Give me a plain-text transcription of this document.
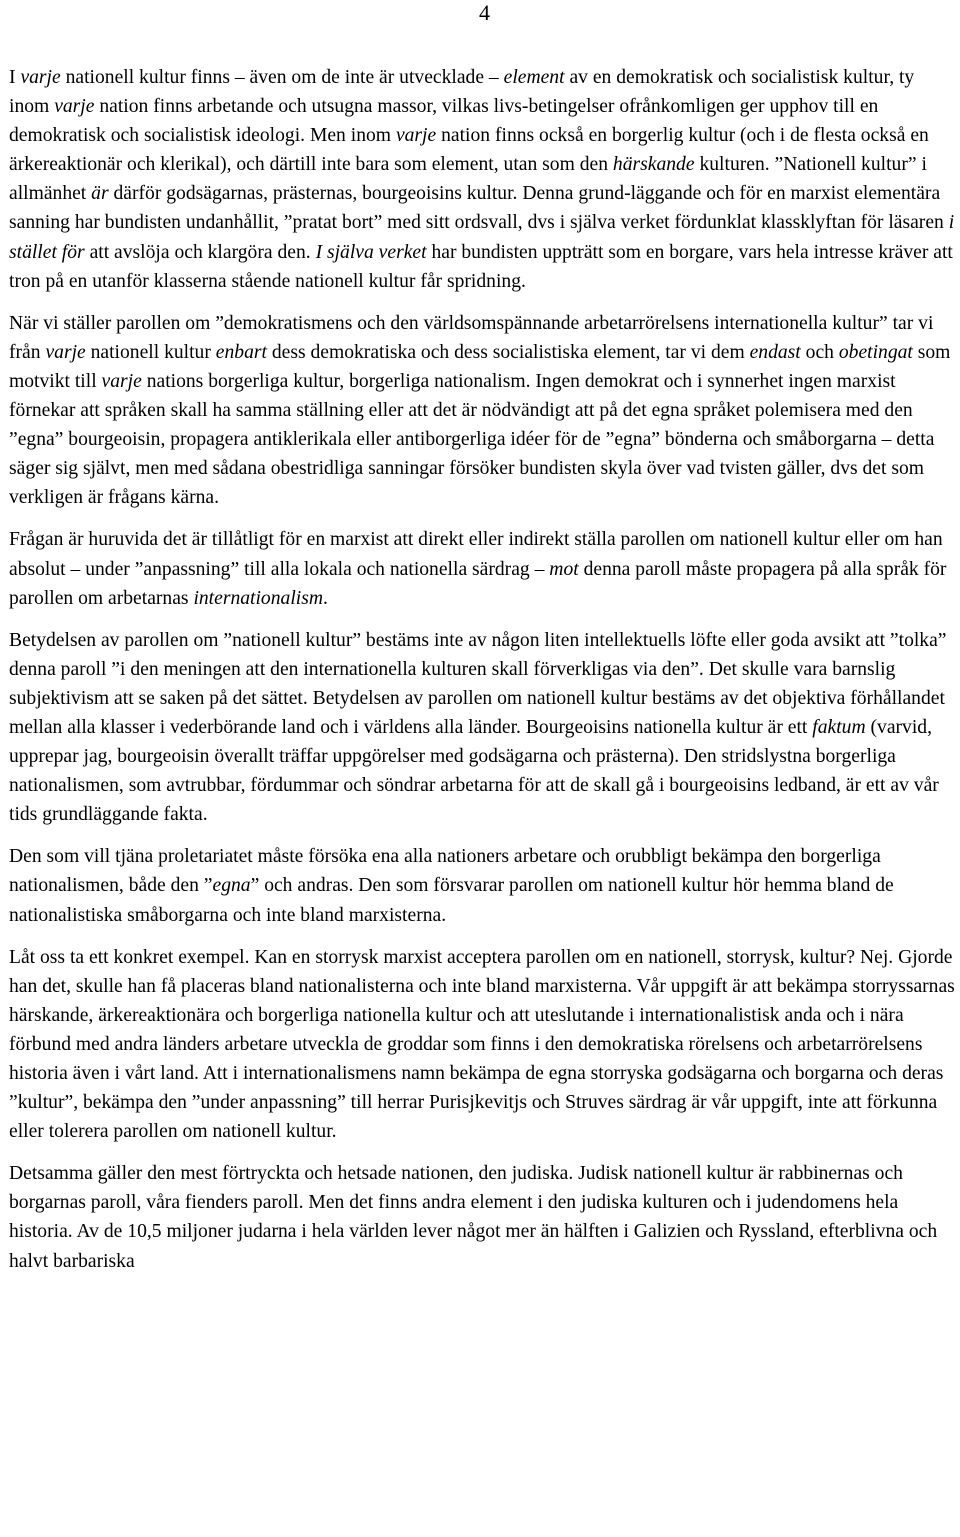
4

I varje nationell kultur finns – även om de inte är utvecklade – element av en demokratisk och socialistisk kultur, ty inom varje nation finns arbetande och utsugna massor, vilkas livs-betingelser ofrånkomligen ger upphov till en demokratisk och socialistisk ideologi. Men inom varje nation finns också en borgerlig kultur (och i de flesta också en ärkereaktionär och klerikal), och därtill inte bara som element, utan som den härskande kulturen. ”Nationell kultur” i allmänhet är därför godsägarnas, prästernas, bourgeoisins kultur. Denna grund-läggande och för en marxist elementära sanning har bundisten undanhållit, ”pratat bort” med sitt ordsvall, dvs i själva verket fördunklat klassklyftan för läsaren i stället för att avslöja och klargöra den. I själva verket har bundisten uppträtt som en borgare, vars hela intresse kräver att tron på en utanför klasserna stående nationell kultur får spridning.

När vi ställer parollen om ”demokratismens och den världsomspännande arbetarrörelsens internationella kultur” tar vi från varje nationell kultur enbart dess demokratiska och dess socialistiska element, tar vi dem endast och obetingat som motvikt till varje nations borgerliga kultur, borgerliga nationalism. Ingen demokrat och i synnerhet ingen marxist förnekar att språken skall ha samma ställning eller att det är nödvändigt att på det egna språket polemisera med den ”egna” bourgeoisin, propagera antiklerikala eller antiborgerliga idéer för de ”egna” bönderna och småborgarna – detta säger sig självt, men med sådana obestridliga sanningar försöker bundisten skyla över vad tvisten gäller, dvs det som verkligen är frågans kärna.

Frågan är huruvida det är tillåtligt för en marxist att direkt eller indirekt ställa parollen om nationell kultur eller om han absolut – under ”anpassning” till alla lokala och nationella särdrag – mot denna paroll måste propagera på alla språk för parollen om arbetarnas internationalism.

Betydelsen av parollen om ”nationell kultur” bestäms inte av någon liten intellektuells löfte eller goda avsikt att ”tolka” denna paroll ”i den meningen att den internationella kulturen skall förverkligas via den”. Det skulle vara barnslig subjektivism att se saken på det sättet. Betydelsen av parollen om nationell kultur bestäms av det objektiva förhållandet mellan alla klasser i vederbörande land och i världens alla länder. Bourgeoisins nationella kultur är ett faktum (varvid, upprepar jag, bourgeoisin överallt träffar uppgörelser med godsägarna och prästerna). Den stridslystna borgerliga nationalismen, som avtrubbar, fördummar och söndrar arbetarna för att de skall gå i bourgeoisins ledband, är ett av vår tids grundläggande fakta.

Den som vill tjäna proletariatet måste försöka ena alla nationers arbetare och orubbligt bekämpa den borgerliga nationalismen, både den ”egna” och andras. Den som försvarar parollen om nationell kultur hör hemma bland de nationalistiska småborgarna och inte bland marxisterna.

Låt oss ta ett konkret exempel. Kan en storrysk marxist acceptera parollen om en nationell, storrysk, kultur? Nej. Gjorde han det, skulle han få placeras bland nationalisterna och inte bland marxisterna. Vår uppgift är att bekämpa storryssarnas härskande, ärkereaktionära och borgerliga nationella kultur och att uteslutande i internationalistisk anda och i nära förbund med andra länders arbetare utveckla de groddar som finns i den demokratiska rörelsens och arbetarrörelsens historia även i vårt land. Att i internationalismens namn bekämpa de egna storryska godsägarna och borgarna och deras ”kultur”, bekämpa den ”under anpassning” till herrar Purisjkevitjs och Struves särdrag är vår uppgift, inte att förkunna eller tolerera parollen om nationell kultur.

Detsamma gäller den mest förtryckta och hetsade nationen, den judiska. Judisk nationell kultur är rabbinernas och borgarnas paroll, våra fienders paroll. Men det finns andra element i den judiska kulturen och i judendomens hela historia. Av de 10,5 miljoner judarna i hela världen lever något mer än hälften i Galizien och Ryssland, efterblivna och halvt barbariska
